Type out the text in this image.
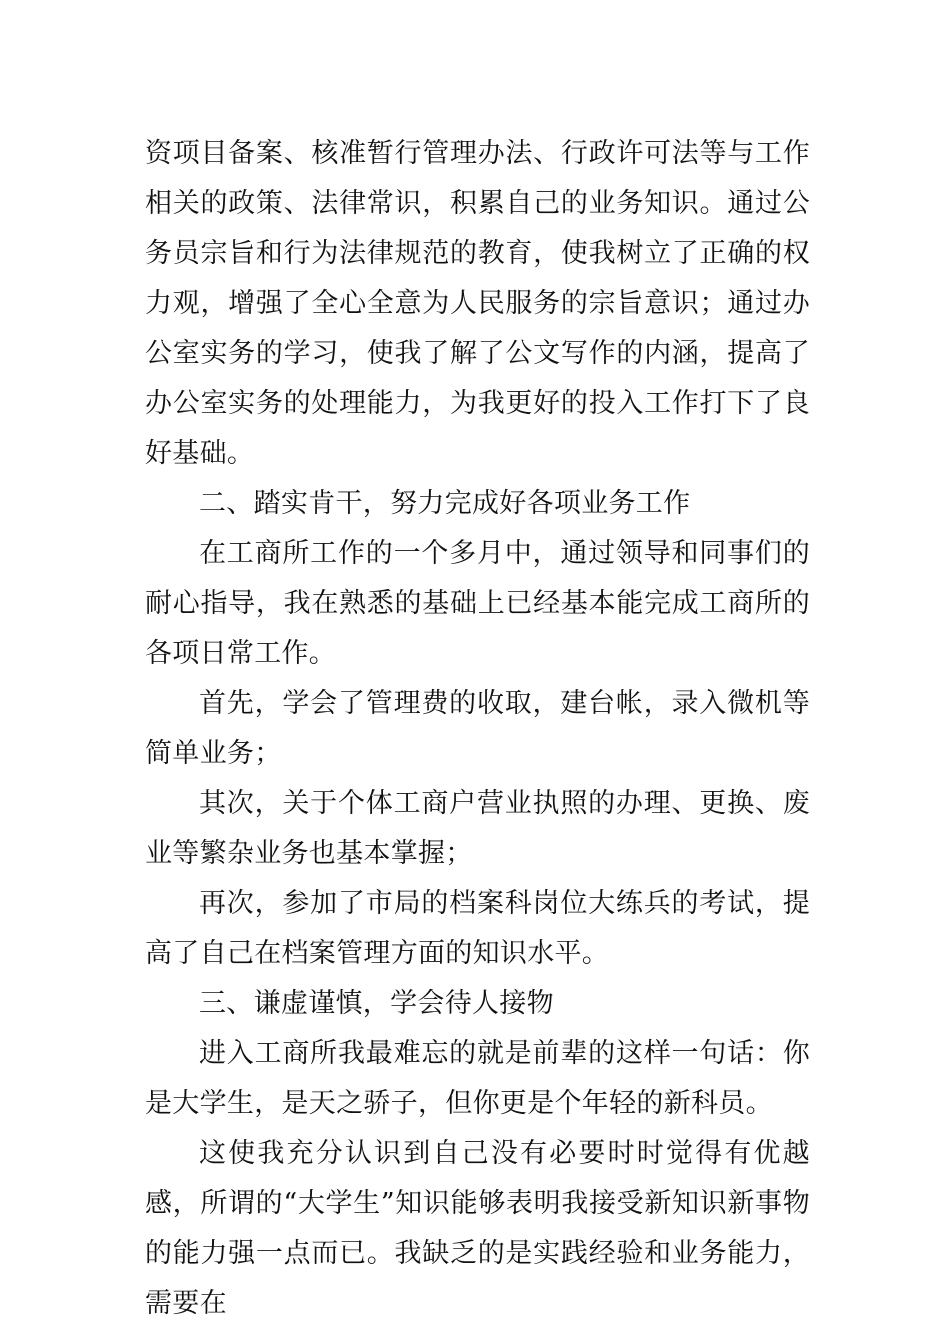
资项目备案、核准暂行管理办法、行政许可法等与工作相关的政策、法律常识，积累自己的业务知识。通过公务员宗旨和行为法律规范的教育，使我树立了正确的权力观，增强了全心全意为人民服务的宗旨意识；通过办公室实务的学习，使我了解了公文写作的内涵，提高了办公室实务的处理能力，为我更好的投入工作打下了良好基础。

二、踏实肯干，努力完成好各项业务工作

在工商所工作的一个多月中，通过领导和同事们的耐心指导，我在熟悉的基础上已经基本能完成工商所的各项日常工作。

首先，学会了管理费的收取，建台帐，录入微机等简单业务；

其次，关于个体工商户营业执照的办理、更换、废业等繁杂业务也基本掌握；

再次，参加了市局的档案科岗位大练兵的考试，提高了自己在档案管理方面的知识水平。

三、谦虚谨慎，学会待人接物

进入工商所我最难忘的就是前辈的这样一句话：你是大学生，是天之骄子，但你更是个年轻的新科员。

这使我充分认识到自己没有必要时时觉得有优越感，所谓的“大学生”知识能够表明我接受新知识新事物的能力强一点而已。我缺乏的是实践经验和业务能力，需要在
